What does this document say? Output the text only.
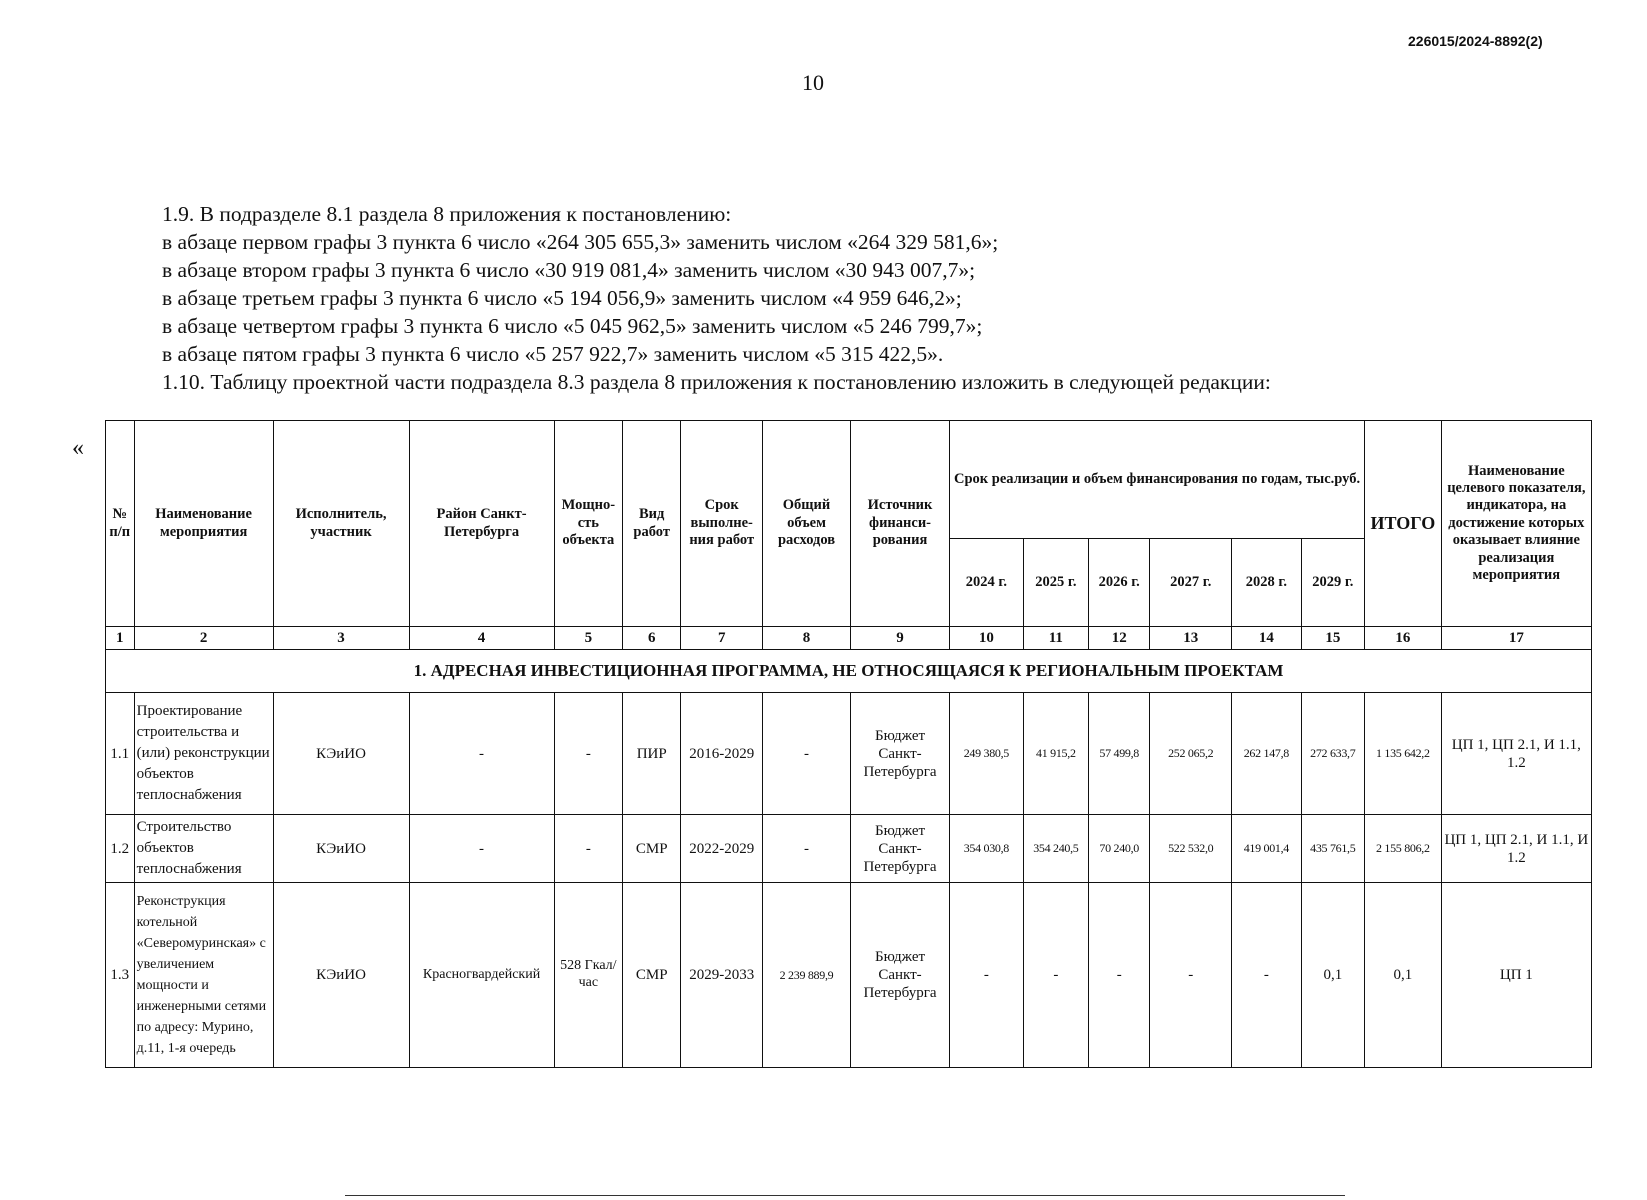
226015/2024-8892(2)
10

1.9. В подразделе 8.1 раздела 8 приложения к постановлению:

в абзаце первом графы 3 пункта 6 число «264 305 655,3» заменить числом «264 329 581,6»;

в абзаце втором графы 3 пункта 6 число «30 919 081,4» заменить числом «30 943 007,7»;

в абзаце третьем графы 3 пункта 6 число «5 194 056,9» заменить числом «4 959 646,2»;

в абзаце четвертом графы 3 пункта 6 число «5 045 962,5» заменить числом «5 246 799,7»;

в абзаце пятом графы 3 пункта 6 число «5 257 922,7» заменить числом «5 315 422,5».

1.10. Таблицу проектной части подраздела 8.3 раздела 8 приложения к постановлению изложить в следующей редакции:

«
№ п/п	Наименование мероприятия	Исполнитель, участник	Район Санкт-Петербурга	Мощно-сть объекта	Вид работ	Срок выполне-ния работ	Общий объем расходов	Источник финанси-рования	Срок реализации и объем финансирования по годам, тыс.руб.						ИТОГО	Наименование целевого показателя, индикатора, на достижение которых оказывает влияние реализация мероприятия
									2024 г.	2025 г.	2026 г.	2027 г.	2028 г.	2029 г.		
1	2	3	4	5	6	7	8	9	10	11	12	13	14	15	16	17
1. АДРЕСНАЯ ИНВЕСТИЦИОННАЯ ПРОГРАММА, НЕ ОТНОСЯЩАЯСЯ К РЕГИОНАЛЬНЫМ ПРОЕКТАМ																
1.1	Проектирование строительства и (или) реконструкции объектов теплоснабжения	КЭиИО	-	-	ПИР	2016-2029	-	Бюджет Санкт-Петербурга	249 380,5	41 915,2	57 499,8	252 065,2	262 147,8	272 633,7	1 135 642,2	ЦП 1, ЦП 2.1, И 1.1, 1.2
1.2	Строительство объектов теплоснабжения	КЭиИО	-	-	СМР	2022-2029	-	Бюджет Санкт-Петербурга	354 030,8	354 240,5	70 240,0	522 532,0	419 001,4	435 761,5	2 155 806,2	ЦП 1, ЦП 2.1, И 1.1, И 1.2
1.3	Реконструкция котельной «Северомуринская» с увеличением мощности и инженерными сетями по адресу: Мурино, д.11, 1-я очередь	КЭиИО	Красногвардейский	528 Гкал/час	СМР	2029-2033	2 239 889,9	Бюджет Санкт-Петербурга	-	-	-	-	-	0,1	0,1	ЦП 1
